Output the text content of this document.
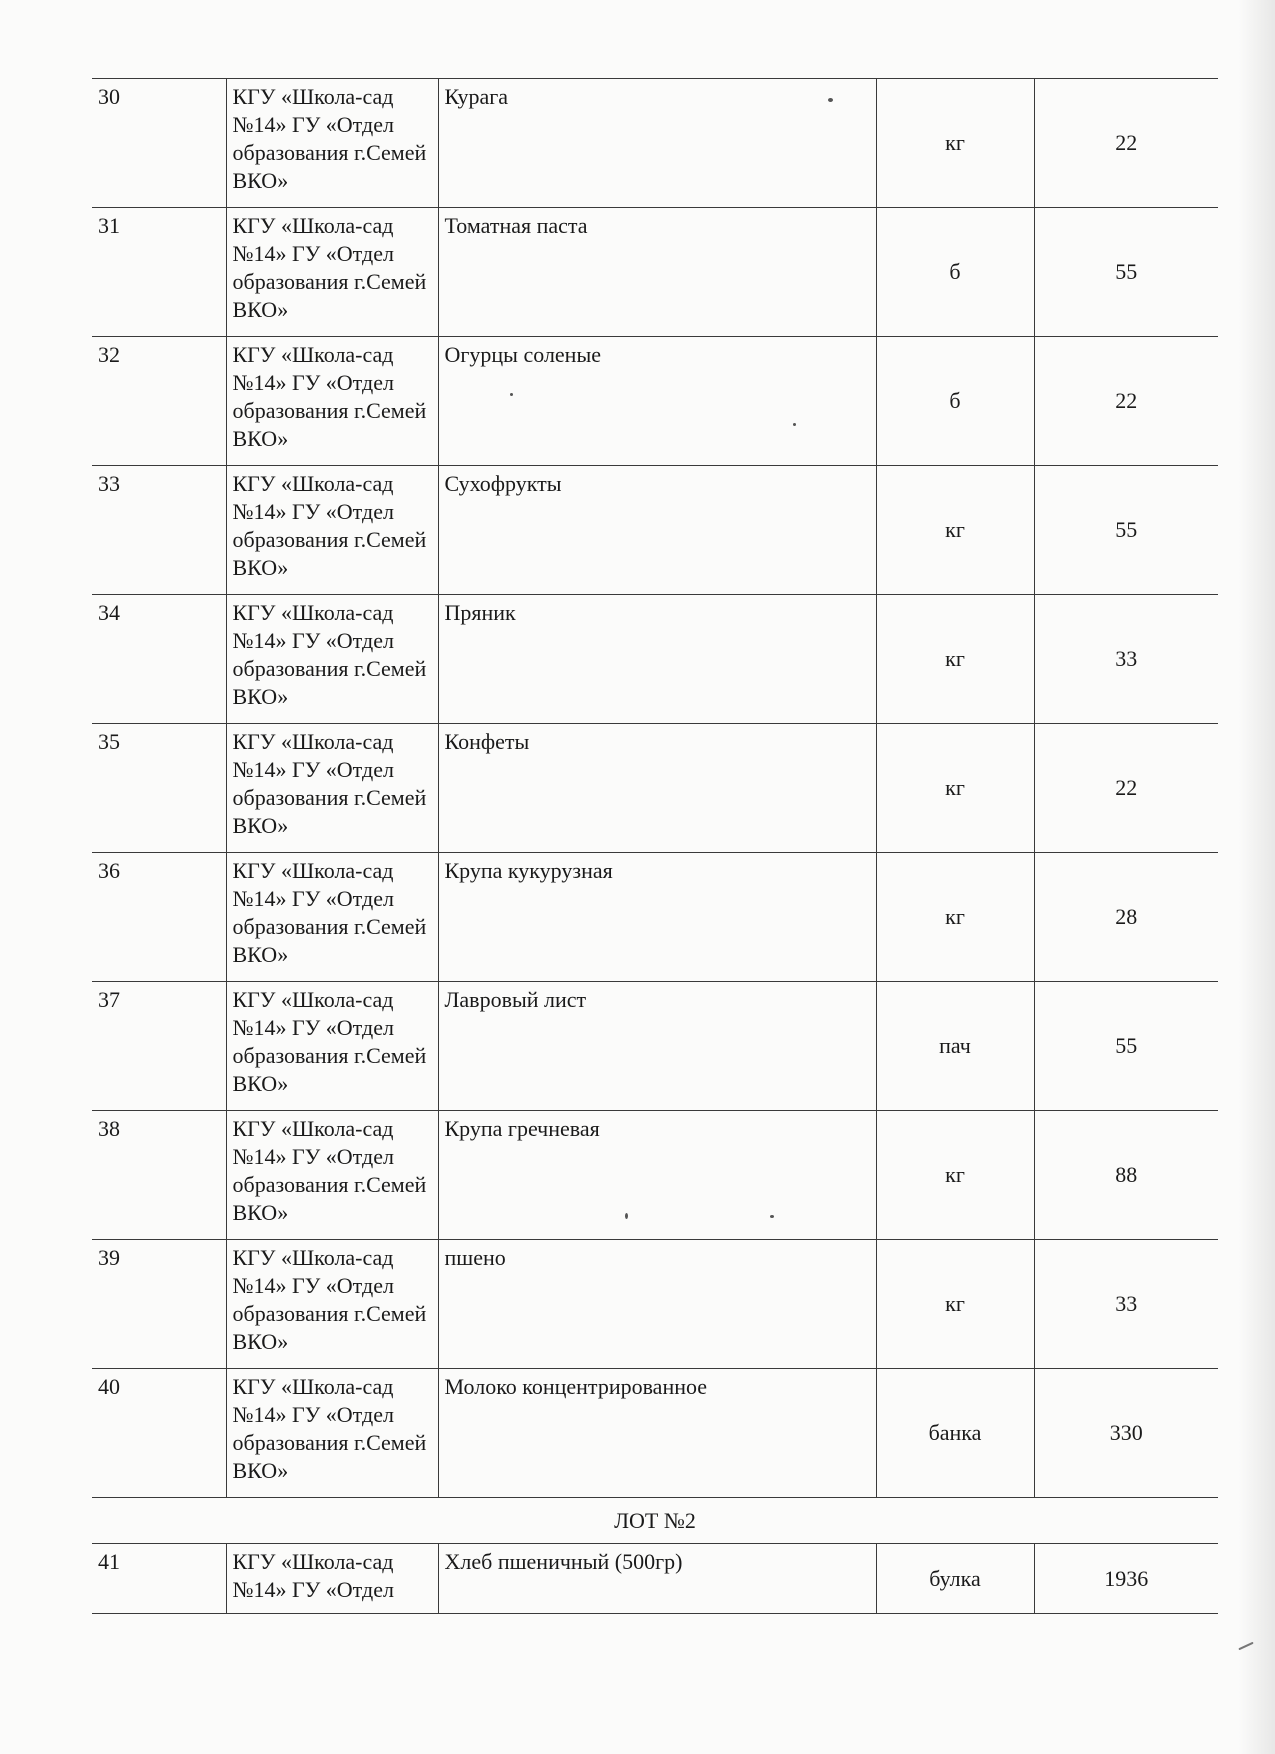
30	КГУ «Школа-сад №14» ГУ «Отдел образования г.Семей ВКО»	Курага	кг	22
31	КГУ «Школа-сад №14» ГУ «Отдел образования г.Семей ВКО»	Томатная паста	б	55
32	КГУ «Школа-сад №14» ГУ «Отдел образования г.Семей ВКО»	Огурцы соленые	б	22
33	КГУ «Школа-сад №14» ГУ «Отдел образования г.Семей ВКО»	Сухофрукты	кг	55
34	КГУ «Школа-сад №14» ГУ «Отдел образования г.Семей ВКО»	Пряник	кг	33
35	КГУ «Школа-сад №14» ГУ «Отдел образования г.Семей ВКО»	Конфеты	кг	22
36	КГУ «Школа-сад №14» ГУ «Отдел образования г.Семей ВКО»	Крупа кукурузная	кг	28
37	КГУ «Школа-сад №14» ГУ «Отдел образования г.Семей ВКО»	Лавровый лист	пач	55
38	КГУ «Школа-сад №14» ГУ «Отдел образования г.Семей ВКО»	Крупа гречневая	кг	88
39	КГУ «Школа-сад №14» ГУ «Отдел образования г.Семей ВКО»	пшено	кг	33
40	КГУ «Школа-сад №14» ГУ «Отдел образования г.Семей ВКО»	Молоко концентрированное	банка	330
ЛОТ №2				
41	КГУ «Школа-сад №14» ГУ «Отдел	Хлеб пшеничный (500гр)	булка	1936
